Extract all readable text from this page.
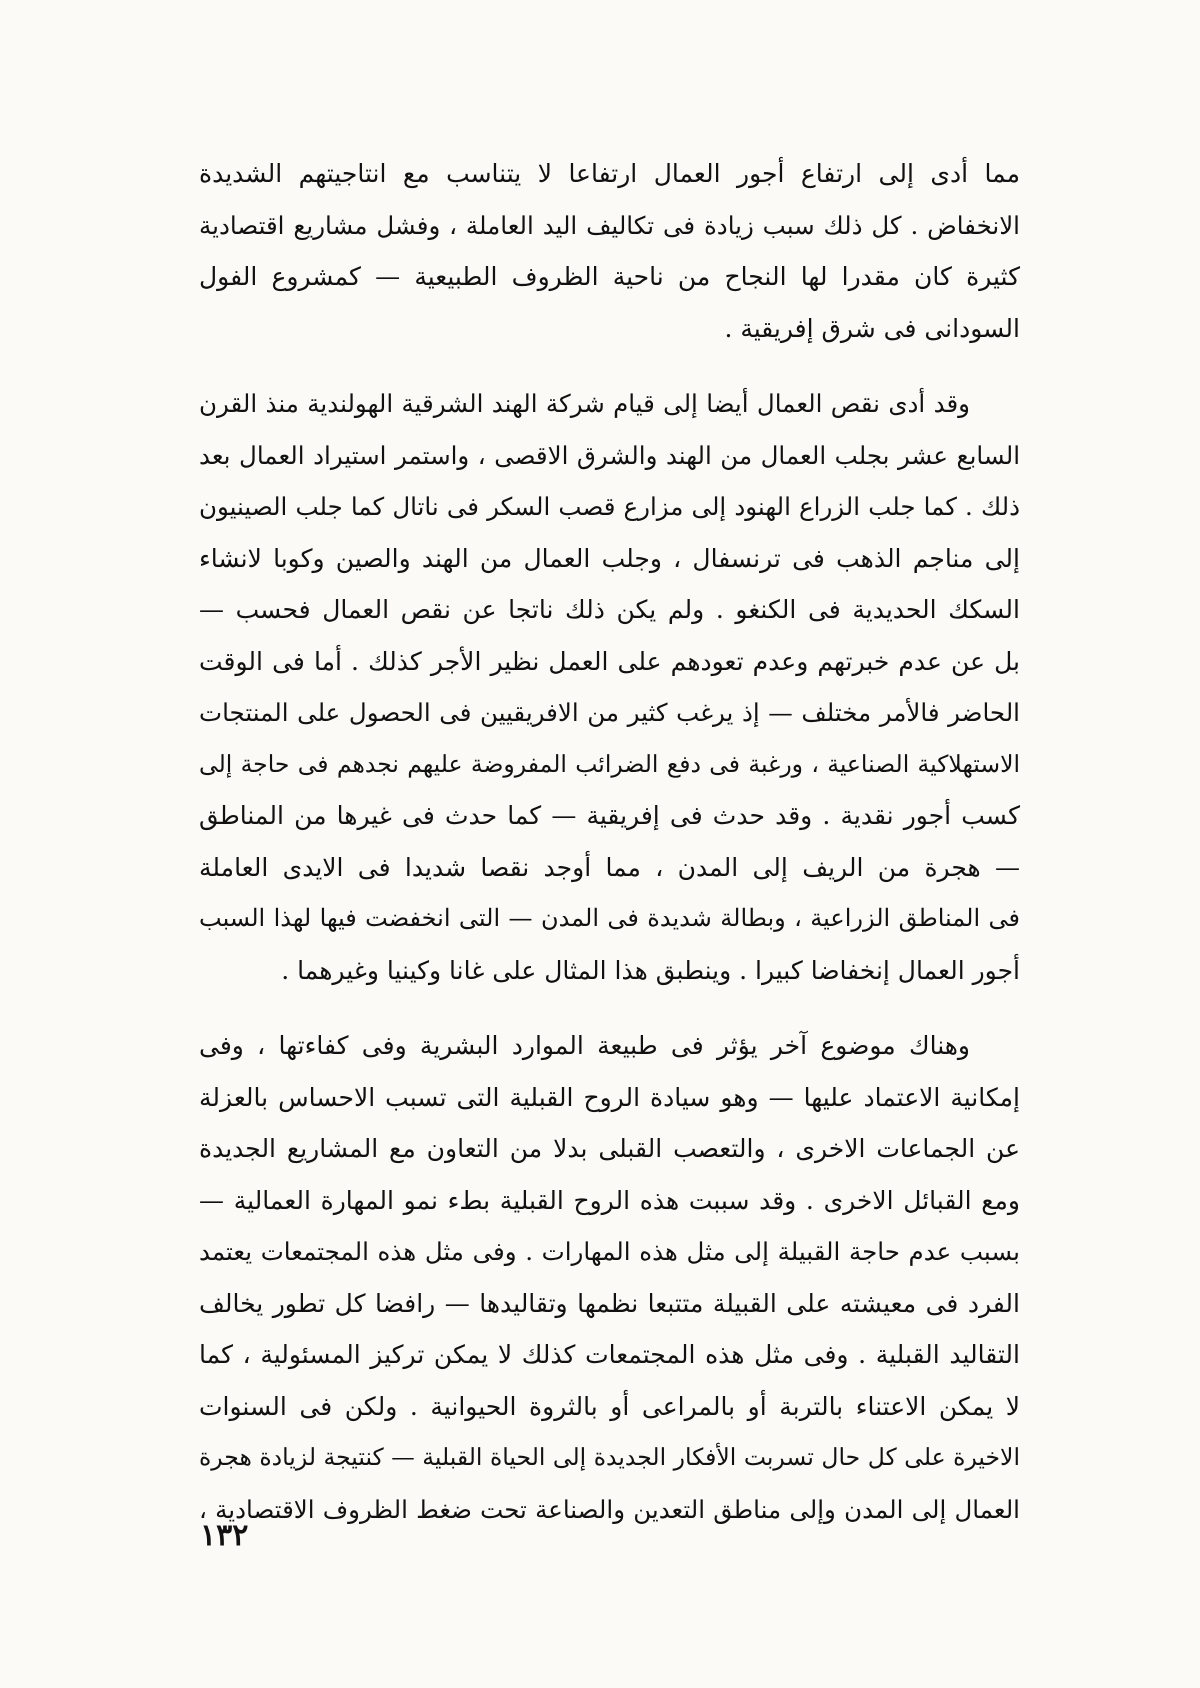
مما أدى إلى ارتفاع أجور العمال ارتفاعا لا يتناسب مع انتاجيتهم الشديدة
الانخفاض . كل ذلك سبب زيادة فى تكاليف اليد العاملة ، وفشل مشاريع اقتصادية
كثيرة كان مقدرا لها النجاح من ناحية الظروف الطبيعية — كمشروع الفول
السودانى فى شرق إفريقية .

وقد أدى نقص العمال أيضا إلى قيام شركة الهند الشرقية الهولندية منذ القرن
السابع عشر بجلب العمال من الهند والشرق الاقصى ، واستمر استيراد العمال بعد
ذلك . كما جلب الزراع الهنود إلى مزارع قصب السكر فى ناتال كما جلب الصينيون
إلى مناجم الذهب فى ترنسفال ، وجلب العمال من الهند والصين وكوبا لانشاء
السكك الحديدية فى الكنغو . ولم يكن ذلك ناتجا عن نقص العمال فحسب —
بل عن عدم خبرتهم وعدم تعودهم على العمل نظير الأجر كذلك . أما فى الوقت
الحاضر فالأمر مختلف — إذ يرغب كثير من الافريقيين فى الحصول على المنتجات
الاستهلاكية الصناعية ، ورغبة فى دفع الضرائب المفروضة عليهم نجدهم فى حاجة إلى
كسب أجور نقدية . وقد حدث فى إفريقية — كما حدث فى غيرها من المناطق
— هجرة من الريف إلى المدن ، مما أوجد نقصا شديدا فى الايدى العاملة
فى المناطق الزراعية ، وبطالة شديدة فى المدن — التى انخفضت فيها لهذا السبب
أجور العمال إنخفاضا كبيرا . وينطبق هذا المثال على غانا وكينيا وغيرهما .

وهناك موضوع آخر يؤثر فى طبيعة الموارد البشرية وفى كفاءتها ، وفى
إمكانية الاعتماد عليها — وهو سيادة الروح القبلية التى تسبب الاحساس بالعزلة
عن الجماعات الاخرى ، والتعصب القبلى بدلا من التعاون مع المشاريع الجديدة
ومع القبائل الاخرى . وقد سببت هذه الروح القبلية بطء نمو المهارة العمالية —
بسبب عدم حاجة القبيلة إلى مثل هذه المهارات . وفى مثل هذه المجتمعات يعتمد
الفرد فى معيشته على القبيلة متتبعا نظمها وتقاليدها — رافضا كل تطور يخالف
التقاليد القبلية . وفى مثل هذه المجتمعات كذلك لا يمكن تركيز المسئولية ، كما
لا يمكن الاعتناء بالتربة أو بالمراعى أو بالثروة الحيوانية . ولكن فى السنوات
الاخيرة على كل حال تسربت الأفكار الجديدة إلى الحياة القبلية — كنتيجة لزيادة هجرة
العمال إلى المدن وإلى مناطق التعدين والصناعة تحت ضغط الظروف الاقتصادية ،

١٣٢
